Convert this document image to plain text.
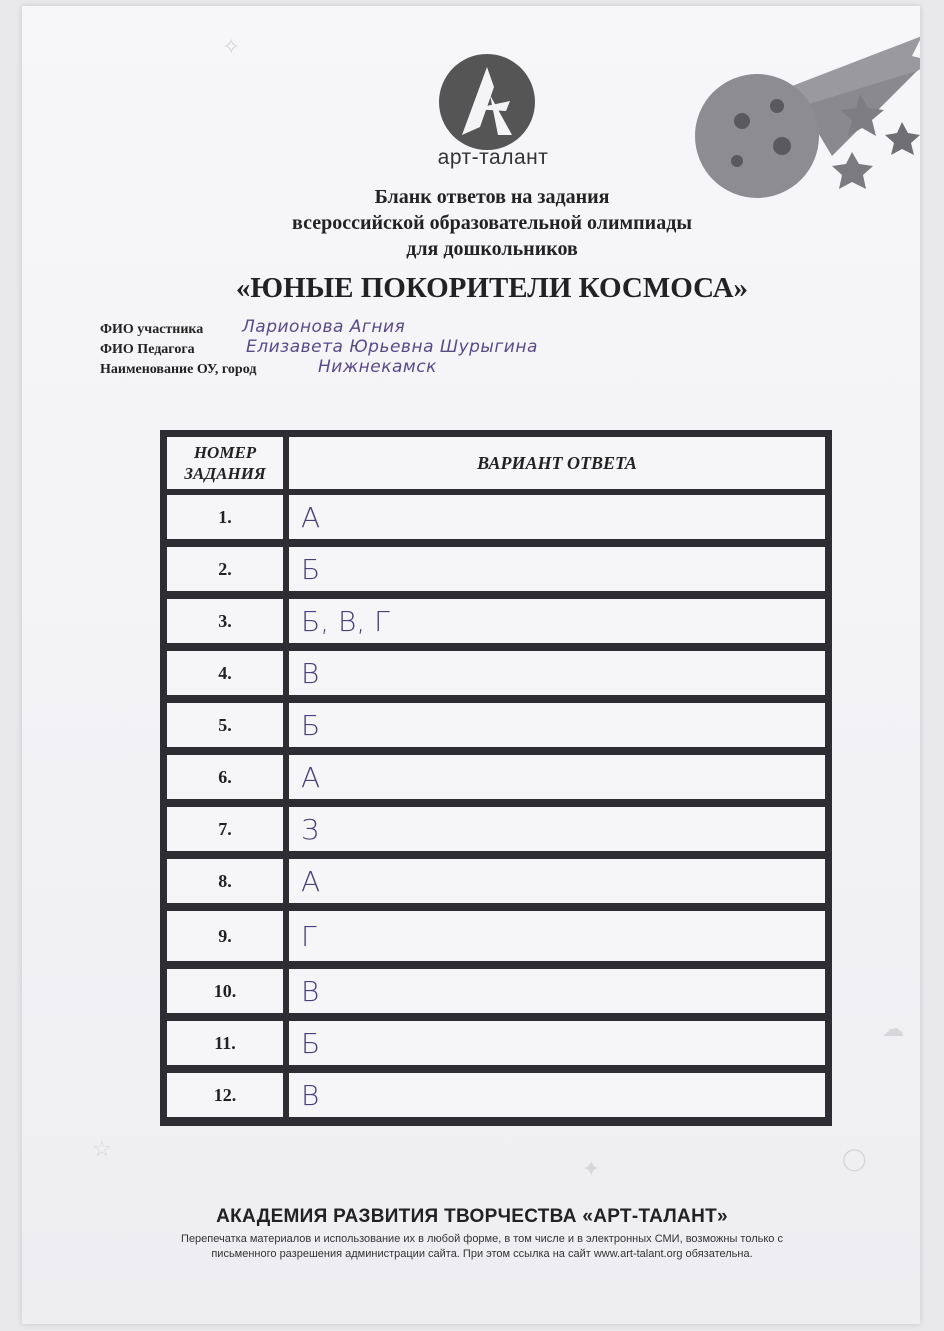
арт-талант
Бланк ответов на задания
всероссийской образовательной олимпиады
для дошкольников
«ЮНЫЕ ПОКОРИТЕЛИ КОСМОСА»
ФИО участника Ларионова Агния
ФИО Педагога	Елизавета Юрьевна Шурыгина
Наименование ОУ, город	Нижнекамск
НОМЕР ЗАДАНИЯ
ВАРИАНТ ОТВЕТА
1.	А
2.	Б
3.	Б, В, Г
4.	В
5.	Б
6.	А
7.	З
8.	А
9.	Г
10.	В
11.	Б
12.	В
☆
✦	◯
☁
✧
АКАДЕМИЯ РАЗВИТИЯ ТВОРЧЕСТВА «АРТ-ТАЛАНТ»
Перепечатка материалов и использование их в любой форме, в том числе и в электронных СМИ, возможны только с
письменного разрешения администрации сайта. При этом ссылка на сайт www.art-talant.org обязательна.
